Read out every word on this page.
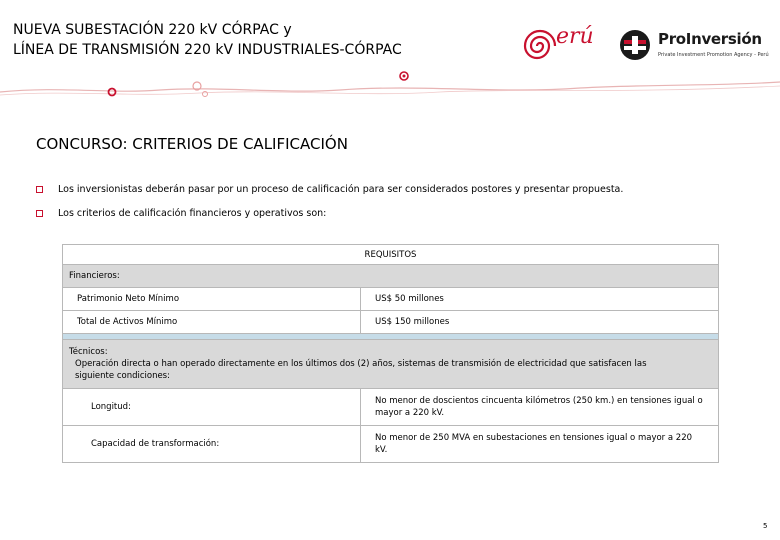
NUEVA SUBESTACIÓN 220 kV CÓRPAC y
LÍNEA DE TRANSMISIÓN 220 kV INDUSTRIALES-CÓRPAC
erú	ProInversión
Private Investment Promotion Agency - Perú
CONCURSO: CRITERIOS DE CALIFICACIÓN
Los inversionistas deberán pasar por un proceso de calificación para ser considerados postores y presentar propuesta.
Los criterios de calificación financieros y operativos son:
REQUISITOS	
Financieros:	
Patrimonio Neto Mínimo	US$ 50 millones
Total de Activos Mínimo	US$ 150 millones

Técnicos:

Operación directa o han operado directamente en los últimos dos (2) años, sistemas de transmisión de electricidad que satisfacen las
siguiente condiciones:	

Longitud:	No menor de doscientos cincuenta kilómetros (250 km.) en tensiones igual o
mayor a 220 kV.
Capacidad de transformación:	No menor de 250 MVA en subestaciones en tensiones igual o mayor a 220
kV.
5
